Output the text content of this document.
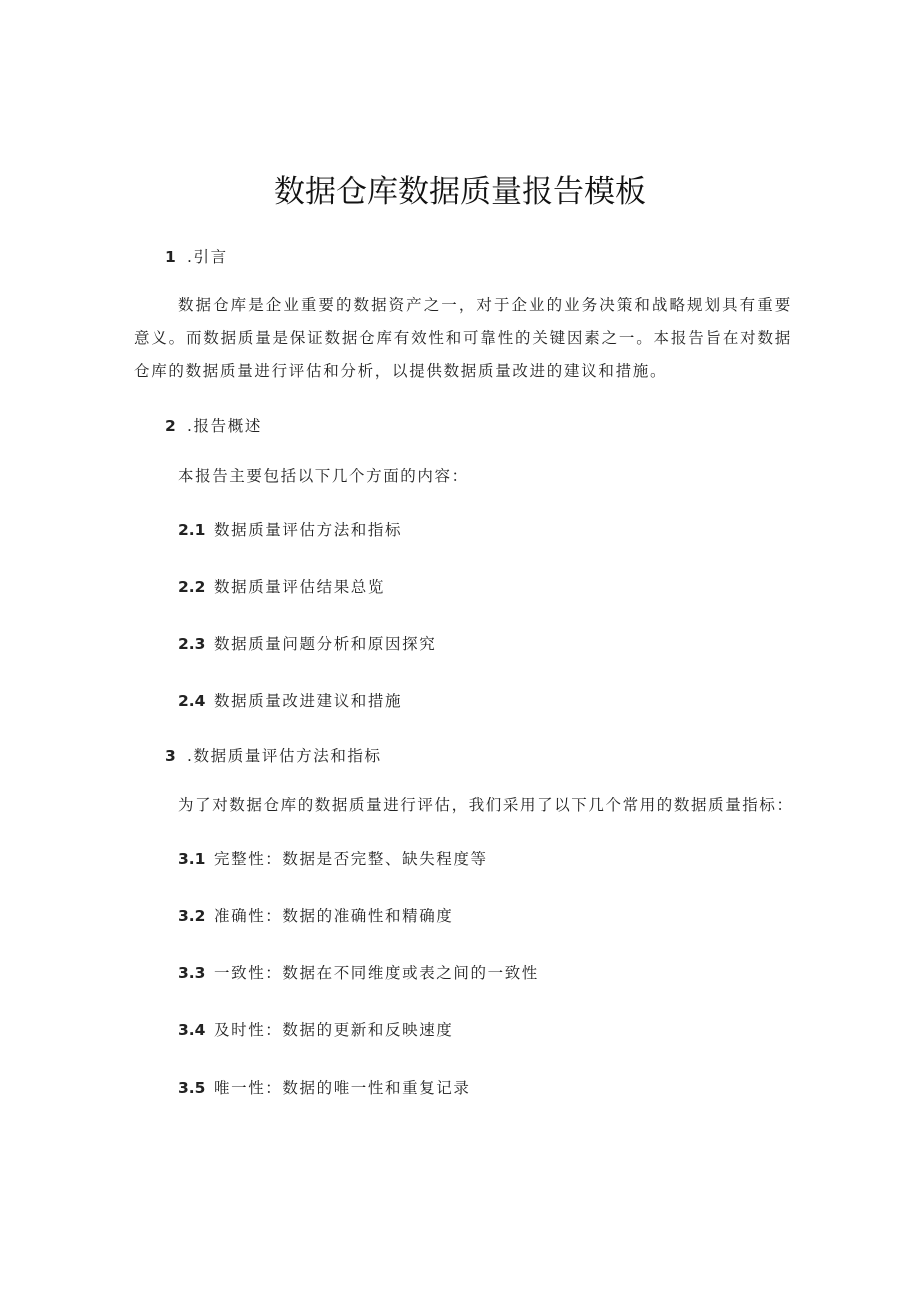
数据仓库数据质量报告模板
1 .引言
数据仓库是企业重要的数据资产之一，对于企业的业务决策和战略规划具有重要意义。而数据质量是保证数据仓库有效性和可靠性的关键因素之一。本报告旨在对数据仓库的数据质量进行评估和分析，以提供数据质量改进的建议和措施。
2 .报告概述
本报告主要包括以下几个方面的内容：
2.1 数据质量评估方法和指标
2.2 数据质量评估结果总览
2.3 数据质量问题分析和原因探究
2.4 数据质量改进建议和措施
3 .数据质量评估方法和指标
为了对数据仓库的数据质量进行评估，我们采用了以下几个常用的数据质量指标：
3.1 完整性：数据是否完整、缺失程度等
3.2 准确性：数据的准确性和精确度
3.3 一致性：数据在不同维度或表之间的一致性
3.4 及时性：数据的更新和反映速度
3.5 唯一性：数据的唯一性和重复记录
